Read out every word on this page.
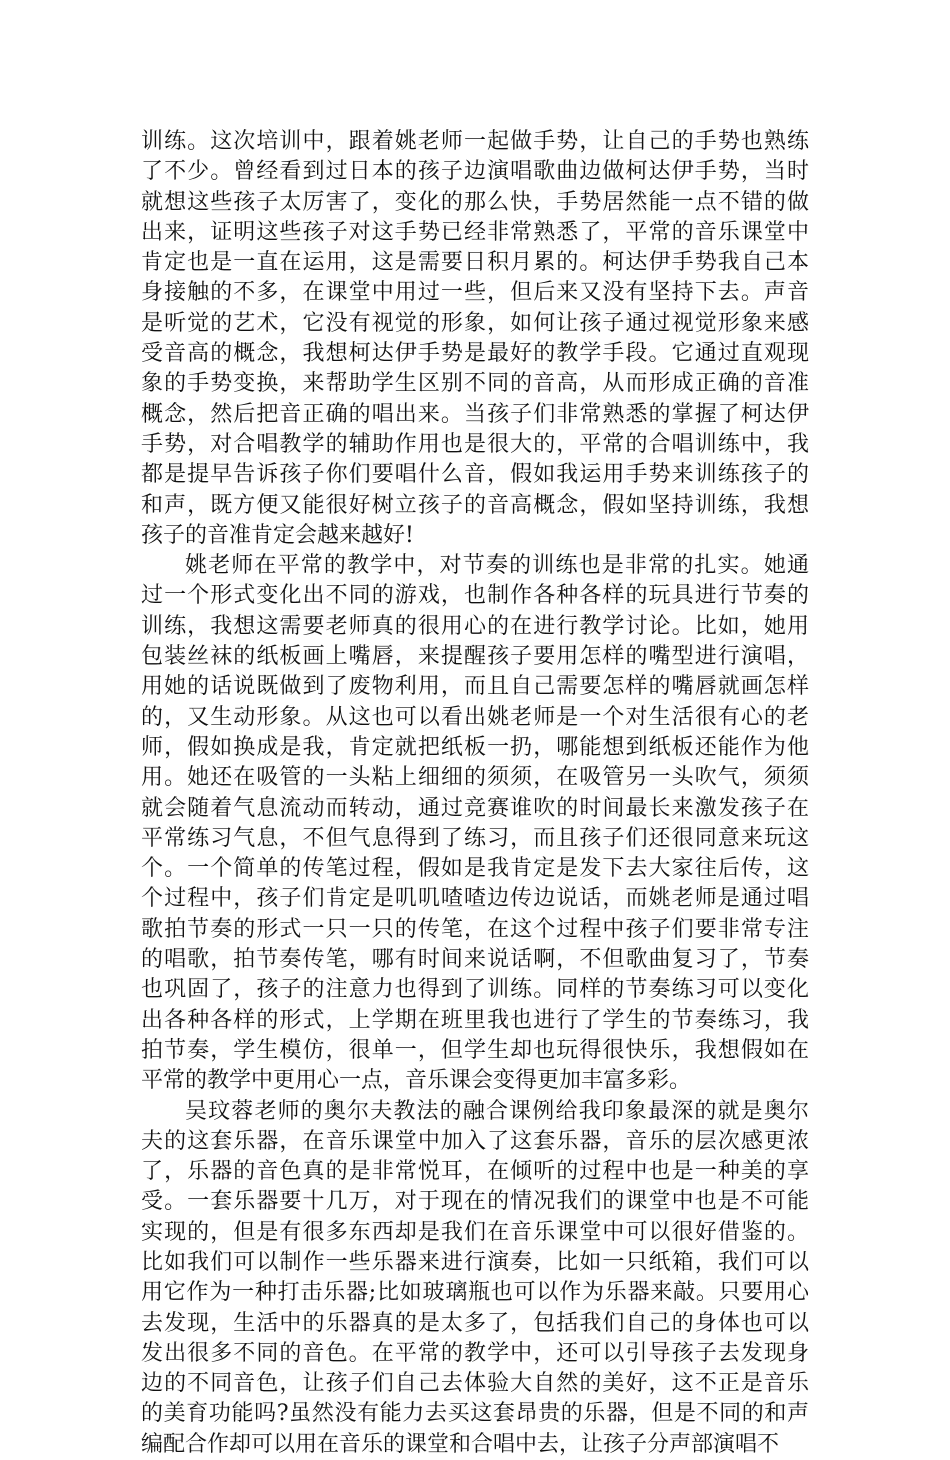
训练。这次培训中，跟着姚老师一起做手势，让自己的手势也熟练
了不少。曾经看到过日本的孩子边演唱歌曲边做柯达伊手势，当时
就想这些孩子太厉害了，变化的那么快，手势居然能一点不错的做
出来，证明这些孩子对这手势已经非常熟悉了，平常的音乐课堂中
肯定也是一直在运用，这是需要日积月累的。柯达伊手势我自己本
身接触的不多，在课堂中用过一些，但后来又没有坚持下去。声音
是听觉的艺术，它没有视觉的形象，如何让孩子通过视觉形象来感
受音高的概念，我想柯达伊手势是最好的教学手段。它通过直观现
象的手势变换，来帮助学生区别不同的音高，从而形成正确的音准
概念，然后把音正确的唱出来。当孩子们非常熟悉的掌握了柯达伊
手势，对合唱教学的辅助作用也是很大的，平常的合唱训练中，我
都是提早告诉孩子你们要唱什么音，假如我运用手势来训练孩子的
和声，既方便又能很好树立孩子的音高概念，假如坚持训练，我想
孩子的音准肯定会越来越好!
姚老师在平常的教学中，对节奏的训练也是非常的扎实。她通
过一个形式变化出不同的游戏，也制作各种各样的玩具进行节奏的
训练，我想这需要老师真的很用心的在进行教学讨论。比如，她用
包装丝袜的纸板画上嘴唇，来提醒孩子要用怎样的嘴型进行演唱，
用她的话说既做到了废物利用，而且自己需要怎样的嘴唇就画怎样
的，又生动形象。从这也可以看出姚老师是一个对生活很有心的老
师，假如换成是我，肯定就把纸板一扔，哪能想到纸板还能作为他
用。她还在吸管的一头粘上细细的须须，在吸管另一头吹气，须须
就会随着气息流动而转动，通过竞赛谁吹的时间最长来激发孩子在
平常练习气息，不但气息得到了练习，而且孩子们还很同意来玩这
个。一个简单的传笔过程，假如是我肯定是发下去大家往后传，这
个过程中，孩子们肯定是叽叽喳喳边传边说话，而姚老师是通过唱
歌拍节奏的形式一只一只的传笔，在这个过程中孩子们要非常专注
的唱歌，拍节奏传笔，哪有时间来说话啊，不但歌曲复习了，节奏
也巩固了，孩子的注意力也得到了训练。同样的节奏练习可以变化
出各种各样的形式，上学期在班里我也进行了学生的节奏练习，我
拍节奏，学生模仿，很单一，但学生却也玩得很快乐，我想假如在
平常的教学中更用心一点，音乐课会变得更加丰富多彩。
吴玟蓉老师的奥尔夫教法的融合课例给我印象最深的就是奥尔
夫的这套乐器，在音乐课堂中加入了这套乐器，音乐的层次感更浓
了，乐器的音色真的是非常悦耳，在倾听的过程中也是一种美的享
受。一套乐器要十几万，对于现在的情况我们的课堂中也是不可能
实现的，但是有很多东西却是我们在音乐课堂中可以很好借鉴的。
比如我们可以制作一些乐器来进行演奏，比如一只纸箱，我们可以
用它作为一种打击乐器;比如玻璃瓶也可以作为乐器来敲。只要用心
去发现，生活中的乐器真的是太多了，包括我们自己的身体也可以
发出很多不同的音色。在平常的教学中，还可以引导孩子去发现身
边的不同音色，让孩子们自己去体验大自然的美好，这不正是音乐
的美育功能吗?虽然没有能力去买这套昂贵的乐器，但是不同的和声
编配合作却可以用在音乐的课堂和合唱中去，让孩子分声部演唱不
